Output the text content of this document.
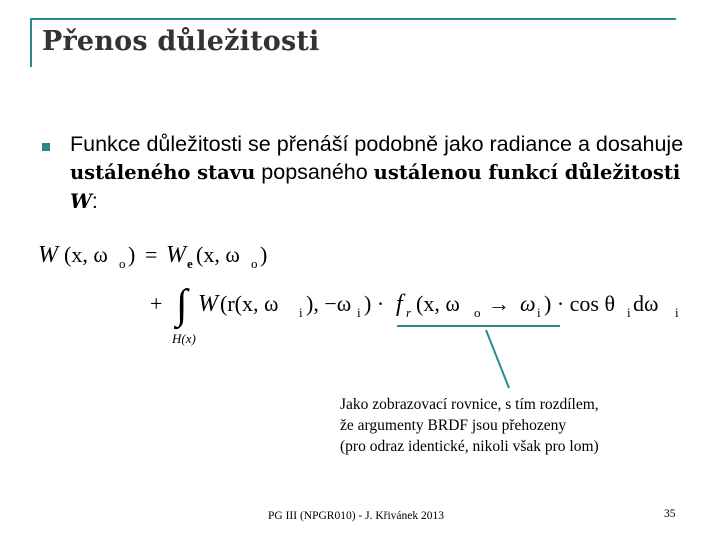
Přenos důležitosti
Funkce důležitosti se přenáší podobně jako radiance a dosahuje ustáleného stavu popsaného ustálenou funkcí důležitosti W:
W (x, ω o ) = W e (x, ω o )
+ ∫
H(x)
W (r(x, ω i ), −ω i ) · f r (x, ω o → ω i ) · cos θ i dω i
Jako zobrazovací rovnice, s tím rozdílem,
že argumenty BRDF jsou přehozeny
(pro odraz identické, nikoli však pro lom)
PG III (NPGR010) - J. Křivánek 2013	35
